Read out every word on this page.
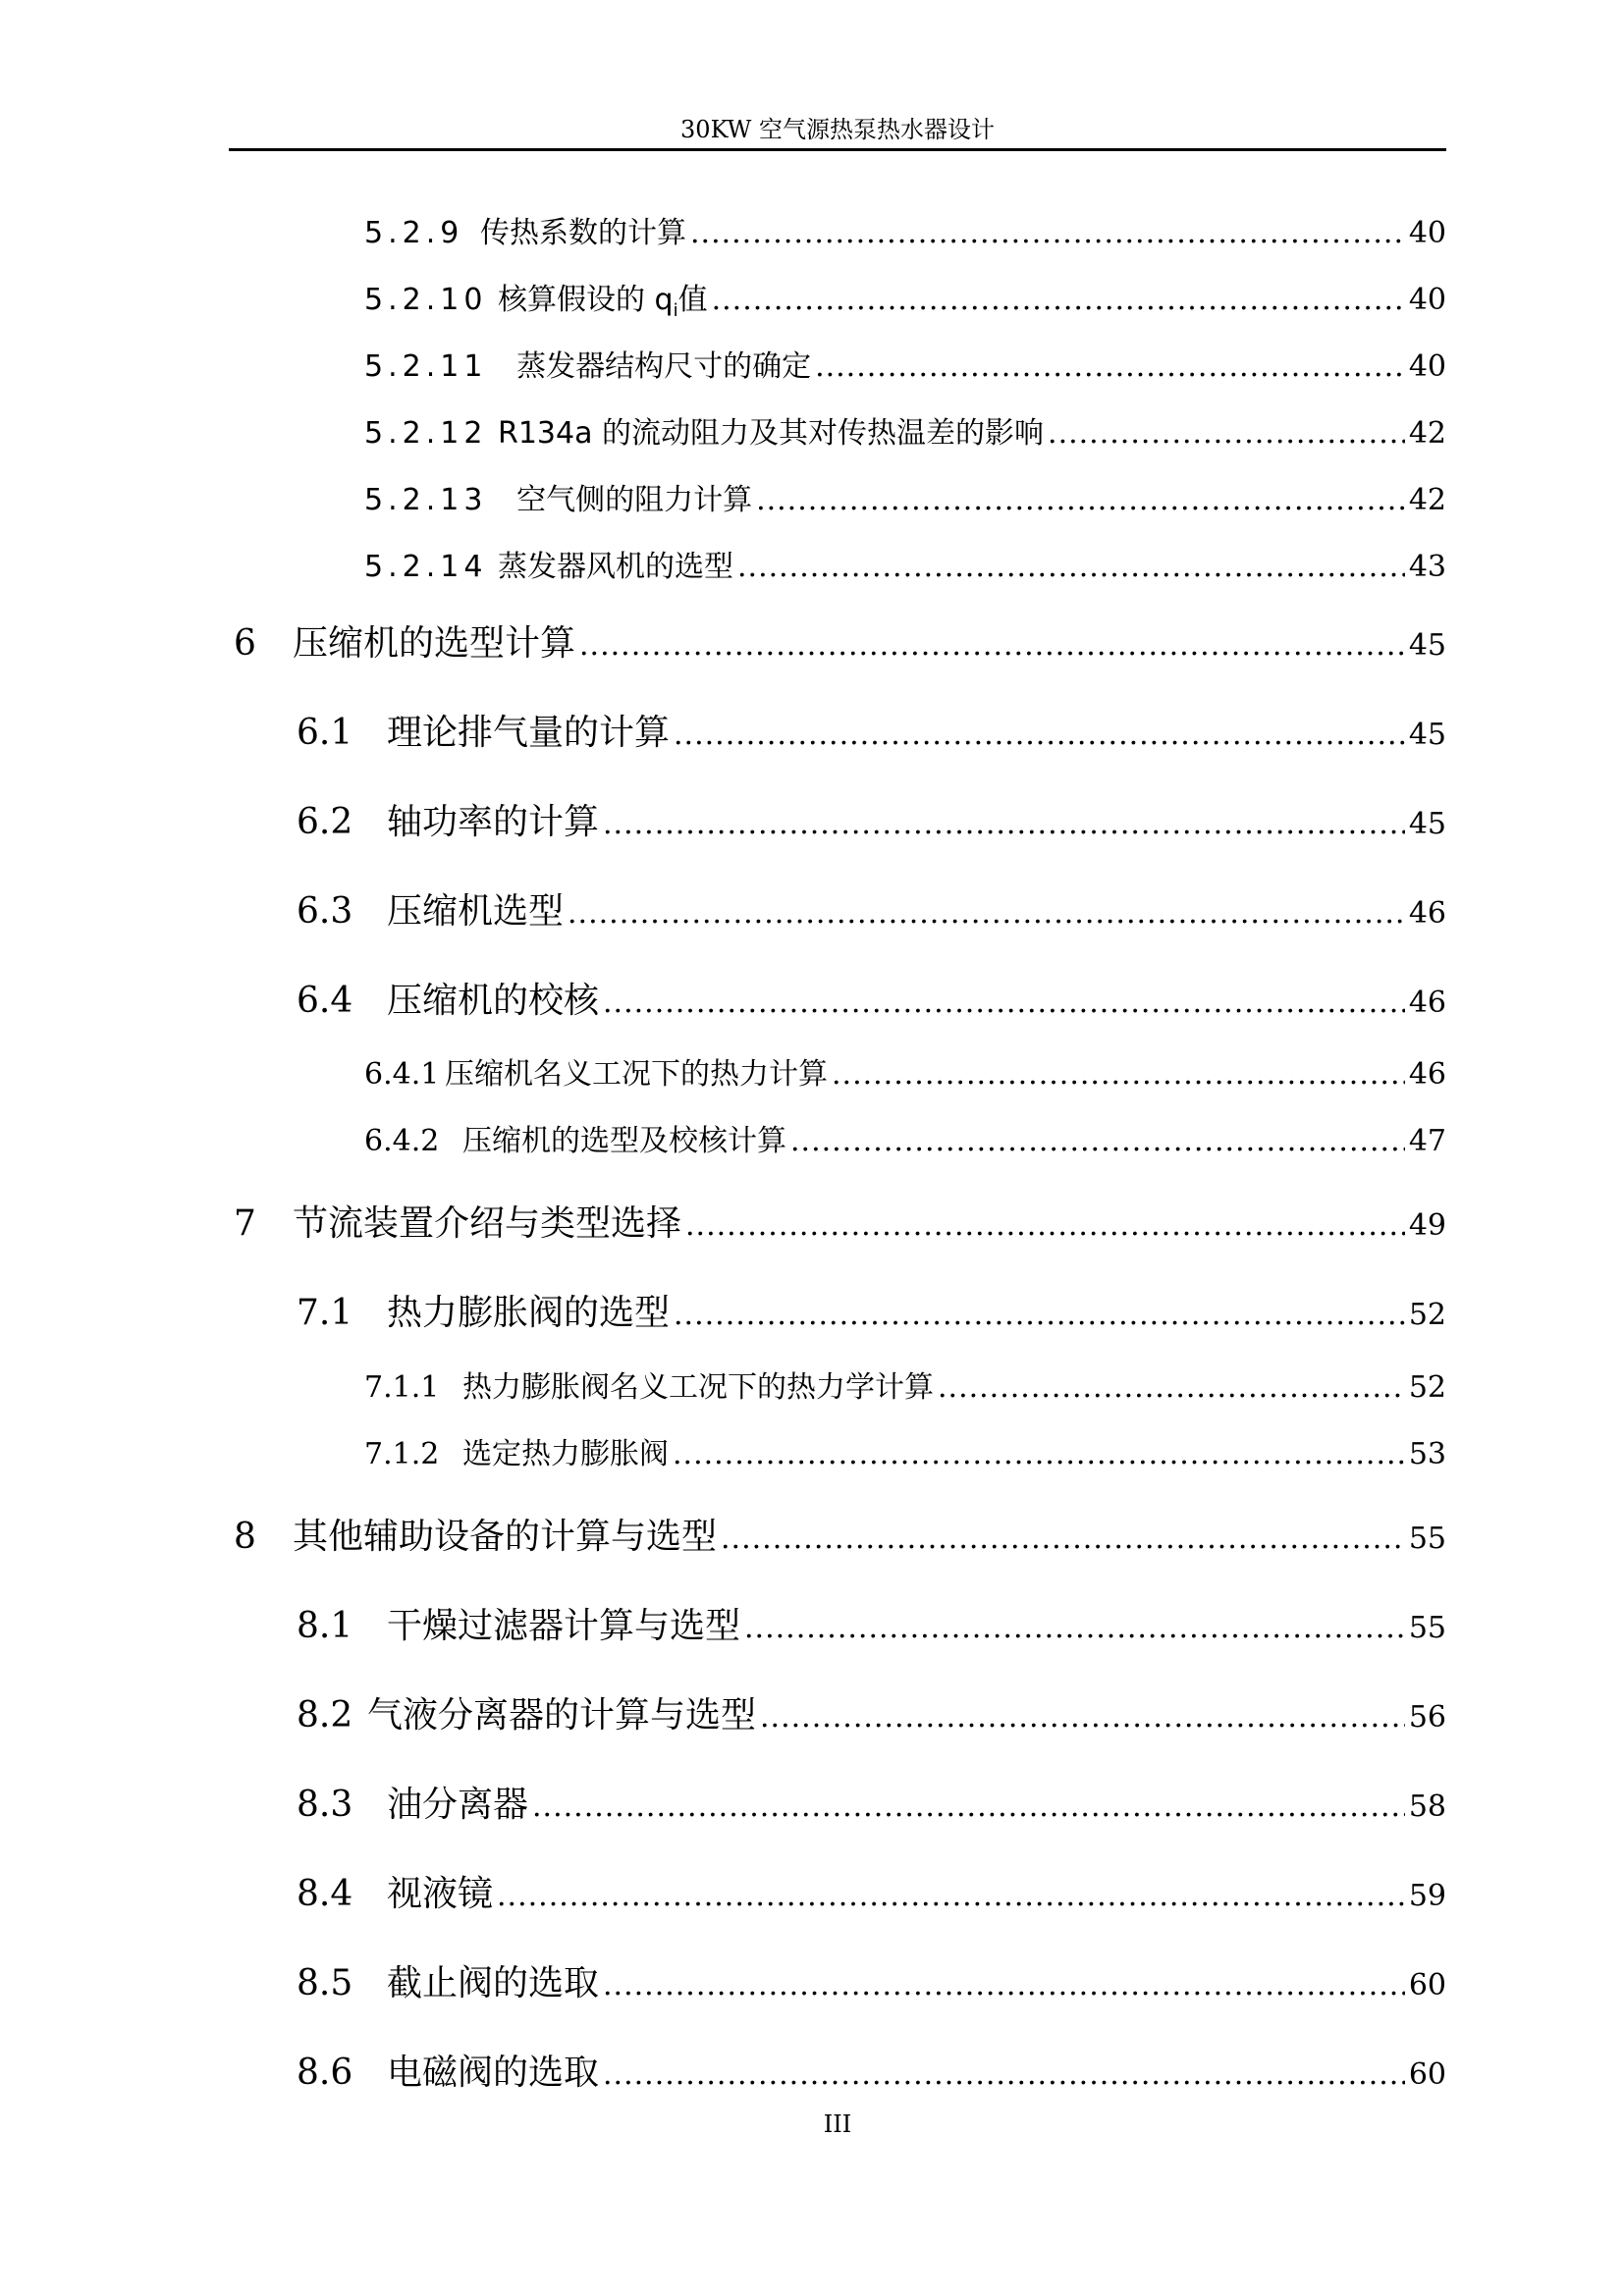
30KW 空气源热泵热水器设计
5.2.9 传热系数的计算 .....	40
5.2.10 核算假设的 $q_i$值 .....	40
5.2.11 蒸发器结构尺寸的确定 .....	40
5.2.12 R134a 的流动阻力及其对传热温差的影响 .....	42
5.2.13 空气侧的阻力计算 .....	42
5.2.14 蒸发器风机的选型 .....	43
6	压缩机的选型计算 .....	45
6.1 理论排气量的计算 .....	45
6.2 轴功率的计算 .....	45
6.3 压缩机选型 .....	46
6.4 压缩机的校核 .....	46
6.4.1 压缩机名义工况下的热力计算 .....	46
6.4.2 压缩机的选型及校核计算 .....	47
7	节流装置介绍与类型选择 .....	49
7.1 热力膨胀阀的选型 .....	52
7.1.1 热力膨胀阀名义工况下的热力学计算 .....	52
7.1.2 选定热力膨胀阀 .....	53
8	其他辅助设备的计算与选型 .....	55
8.1 干燥过滤器计算与选型 .....	55
8.2 气液分离器的计算与选型 .....	56
8.3 油分离器 .....	58
8.4 视液镜 .....	59
8.5 截止阀的选取 .....	60
8.6 电磁阀的选取 .....	60
III
